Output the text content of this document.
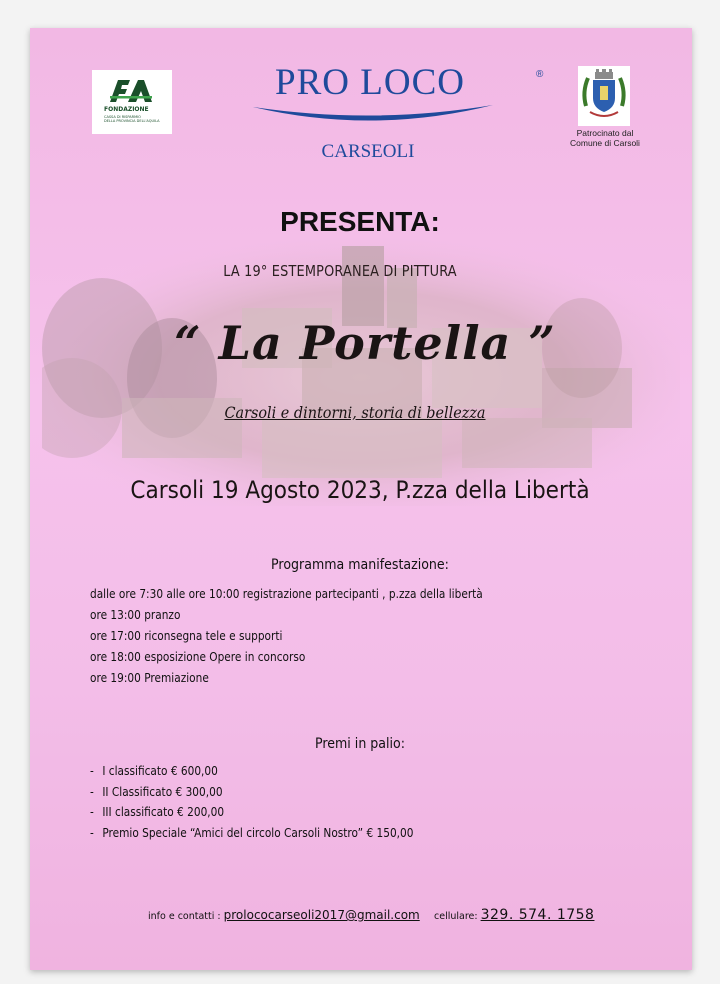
FONDAZIONE
CASSA DI RISPARMIO
DELLA PROVINCIA DELL'AQUILA
PRO LOCO	®
CARSEOLI
Patrocinato dal
Comune di Carsoli
PRESENTA:
LA 19° ESTEMPORANEA DI PITTURA
“ La Portella ”
Carsoli e dintorni, storia di bellezza
Carsoli 19 Agosto 2023, P.zza della Libertà
Programma manifestazione:
dalle ore 7:30 alle ore 10:00 registrazione partecipanti , p.zza della libertà
ore 13:00 pranzo
ore 17:00 riconsegna tele e supporti
ore 18:00 esposizione Opere in concorso
ore 19:00 Premiazione
Premi in palio:
- I classificato € 600,00
- II Classificato € 300,00
- III classificato € 200,00
- Premio Speciale “Amici del circolo Carsoli Nostro” € 150,00
info e contatti : prolococarseoli2017@gmail.com cellulare: 329. 574. 1758
